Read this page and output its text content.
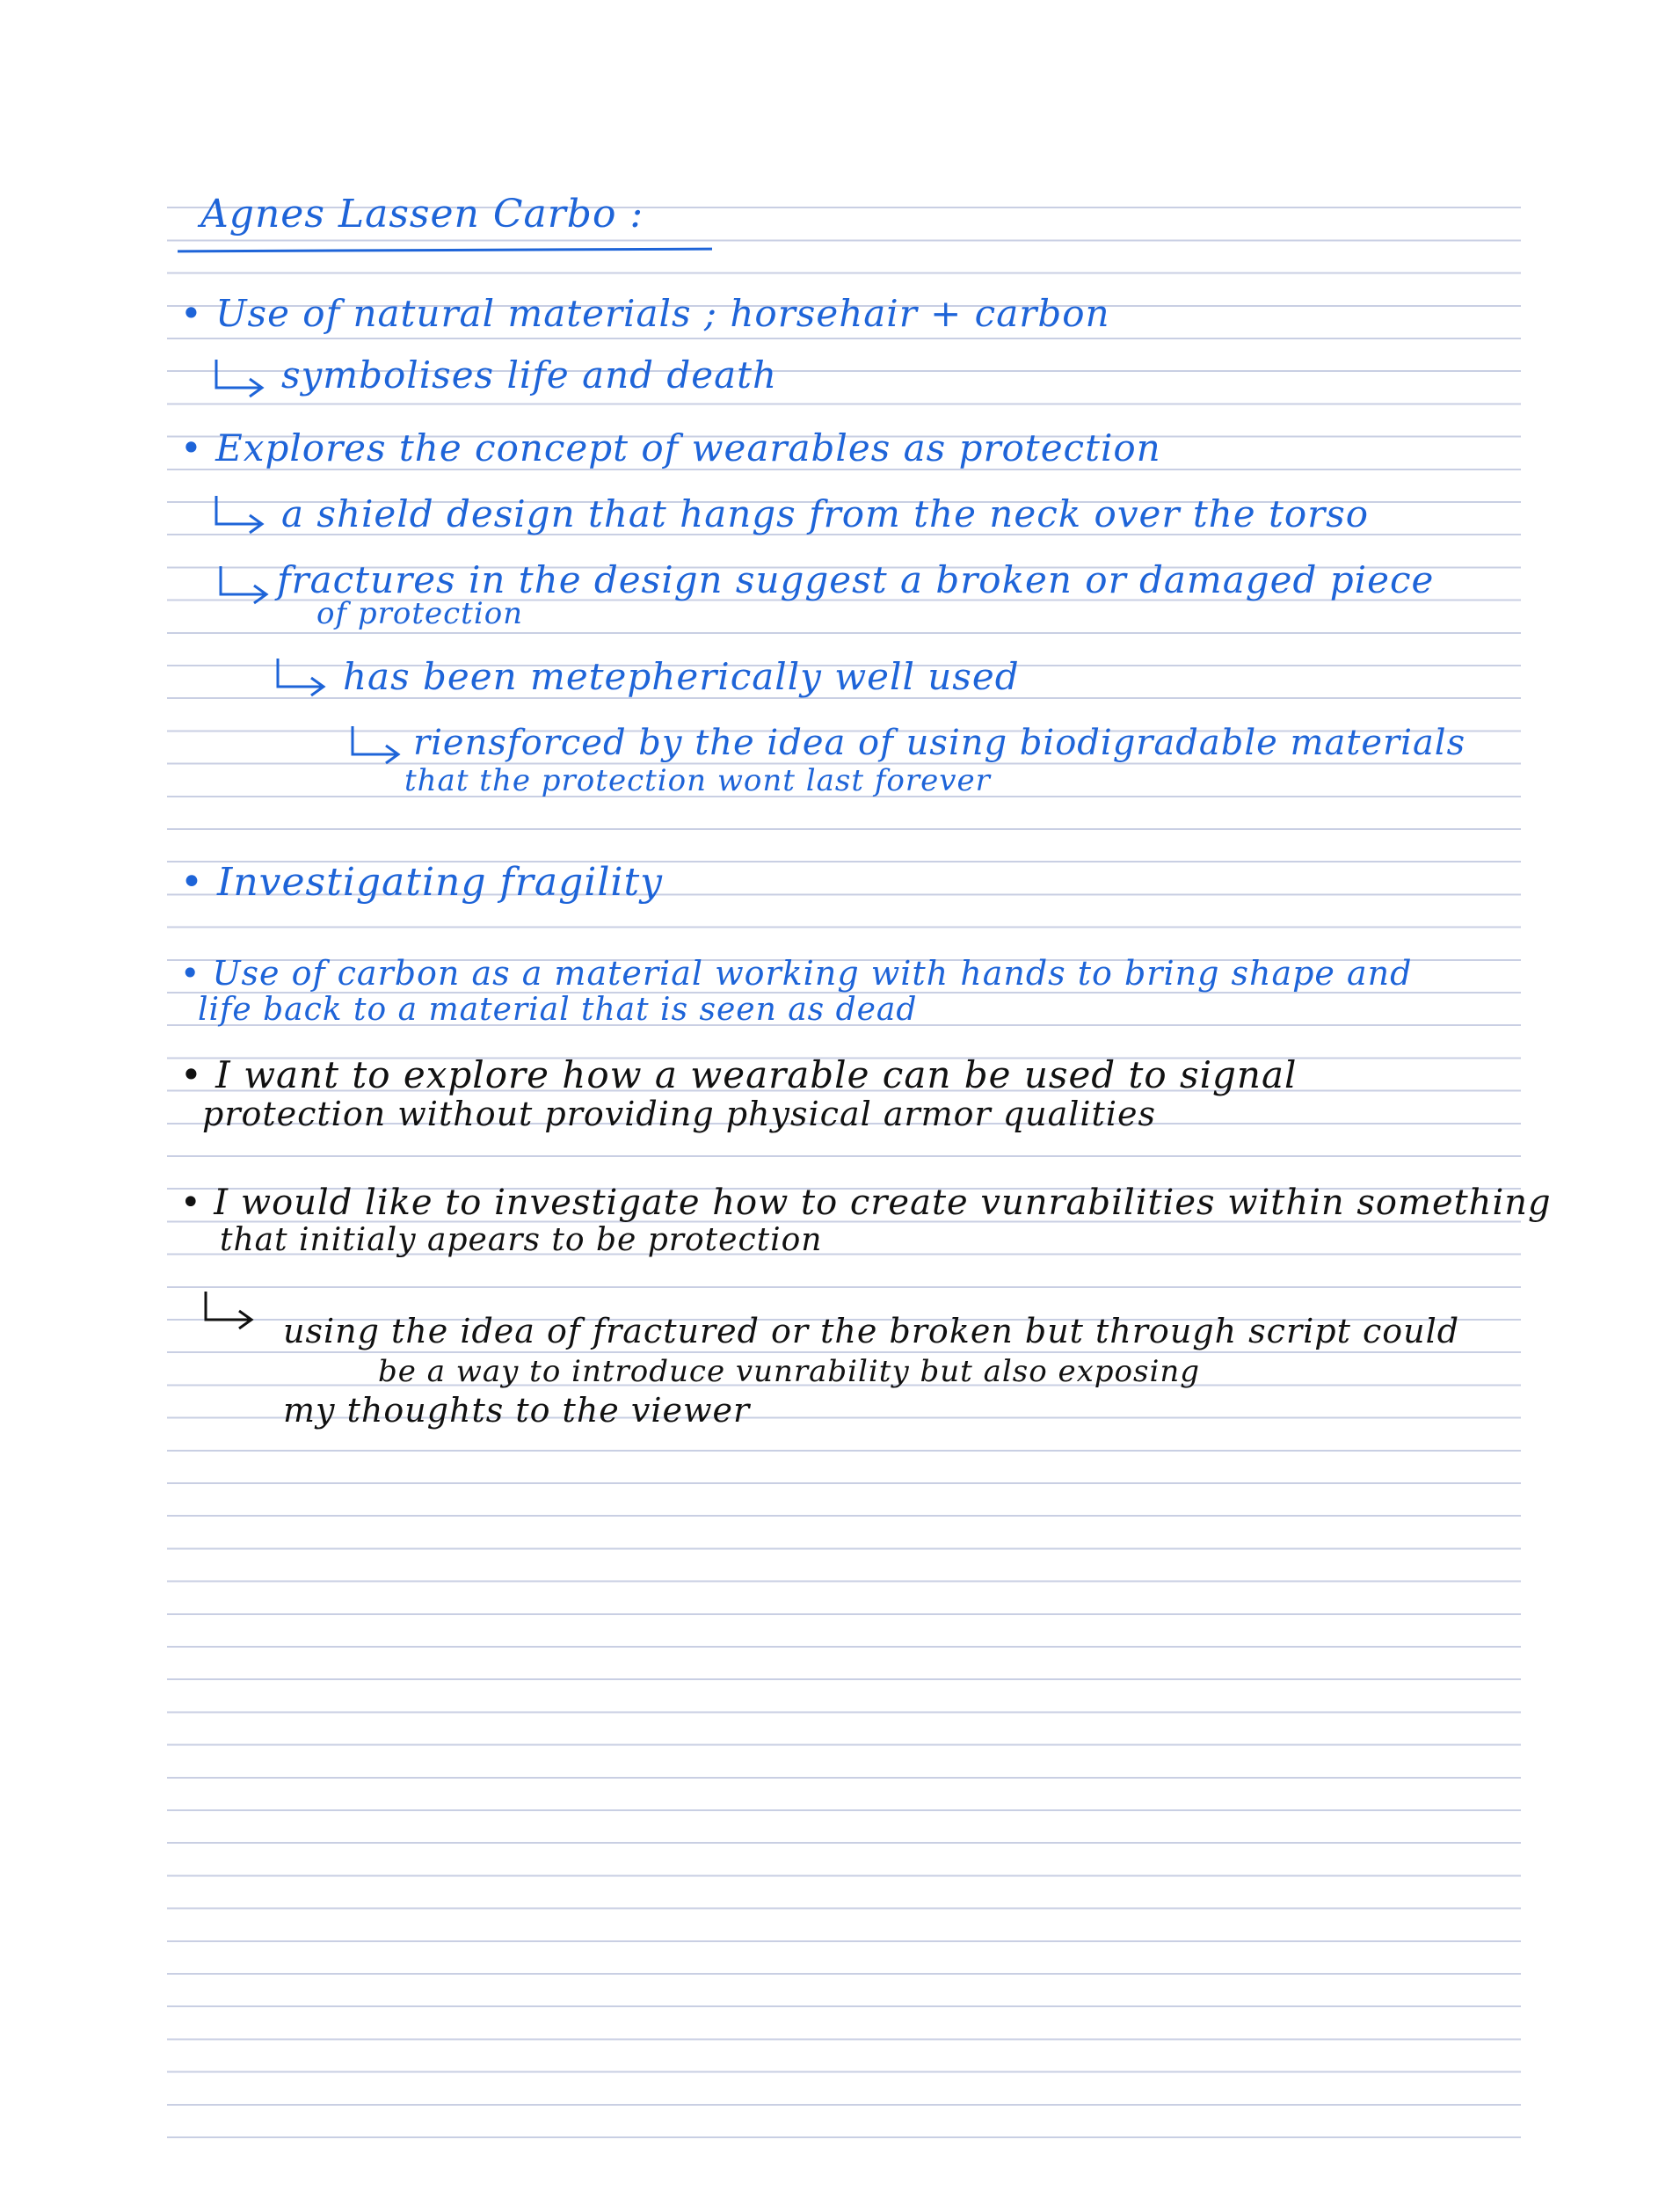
Agnes Lassen Carbo :
• Use of natural materials ; horsehair + carbon
symbolises life and death
• Explores the concept of wearables as protection
a shield design that hangs from the neck over the torso
fractures in the design suggest a broken or damaged piece
of protection
has been metepherically well used
riensforced by the idea of using biodigradable materials
that the protection wont last forever
• Investigating fragility
• Use of carbon as a material working with hands to bring shape and
life back to a material that is seen as dead
• I want to explore how a wearable can be used to signal
protection without providing physical armor qualities
• I would like to investigate how to create vunrabilities within something
that initialy apears to be protection
using the idea of fractured or the broken but through script could
be a way to introduce vunrability but also exposing
my thoughts to the viewer
